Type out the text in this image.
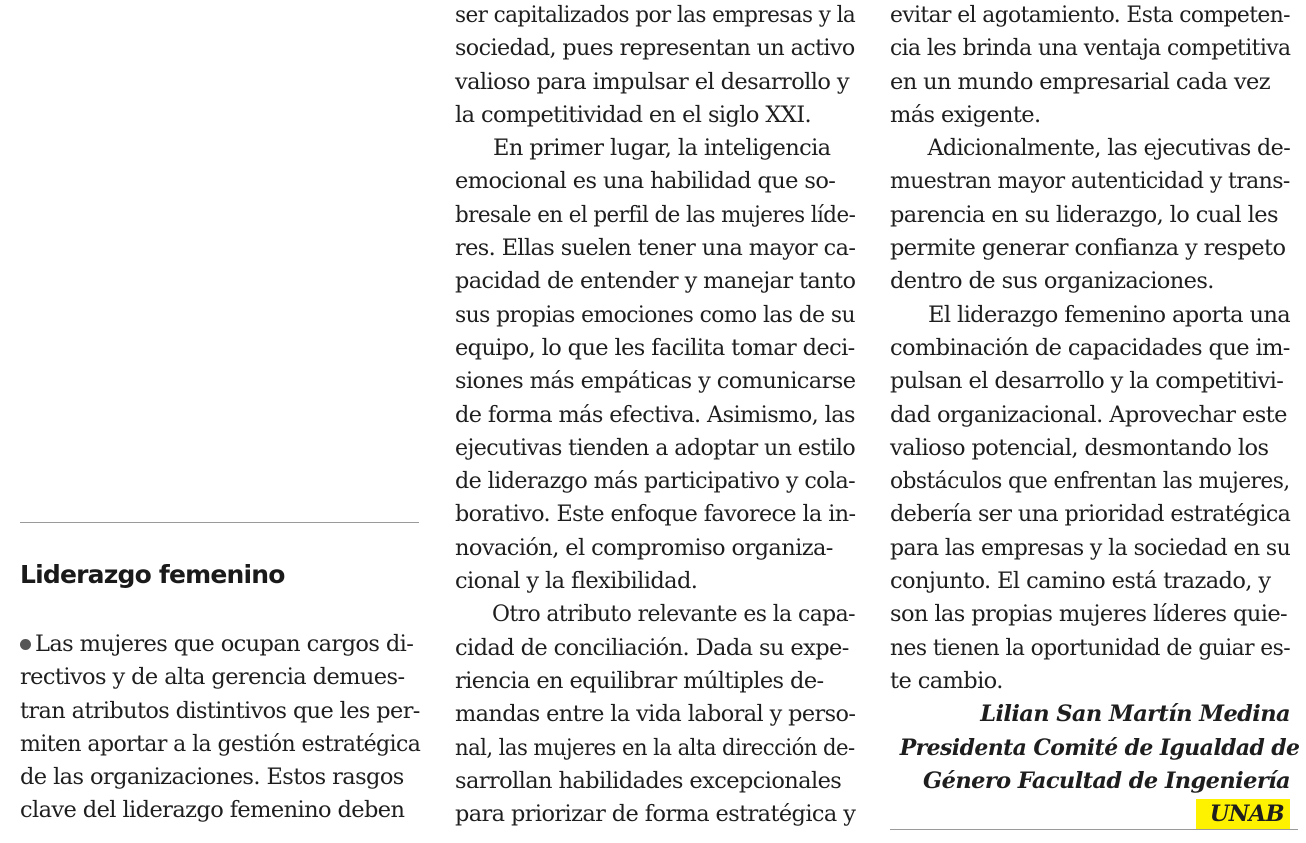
Liderazgo femenino
Las mujeres que ocupan cargos di-
rectivos y de alta gerencia demues-
tran atributos distintivos que les per-
miten aportar a la gestión estratégica
de las organizaciones. Estos rasgos
clave del liderazgo femenino deben
ser capitalizados por las empresas y la
sociedad, pues representan un activo
valioso para impulsar el desarrollo y
la competitividad en el siglo XXI.
En primer lugar, la inteligencia
emocional es una habilidad que so-
bresale en el perfil de las mujeres líde-
res. Ellas suelen tener una mayor ca-
pacidad de entender y manejar tanto
sus propias emociones como las de su
equipo, lo que les facilita tomar deci-
siones más empáticas y comunicarse
de forma más efectiva. Asimismo, las
ejecutivas tienden a adoptar un estilo
de liderazgo más participativo y cola-
borativo. Este enfoque favorece la in-
novación, el compromiso organiza-
cional y la flexibilidad.
Otro atributo relevante es la capa-
cidad de conciliación. Dada su expe-
riencia en equilibrar múltiples de-
mandas entre la vida laboral y perso-
nal, las mujeres en la alta dirección de-
sarrollan habilidades excepcionales
para priorizar de forma estratégica y
evitar el agotamiento. Esta competen-
cia les brinda una ventaja competitiva
en un mundo empresarial cada vez
más exigente.
Adicionalmente, las ejecutivas de-
muestran mayor autenticidad y trans-
parencia en su liderazgo, lo cual les
permite generar confianza y respeto
dentro de sus organizaciones.
El liderazgo femenino aporta una
combinación de capacidades que im-
pulsan el desarrollo y la competitivi-
dad organizacional. Aprovechar este
valioso potencial, desmontando los
obstáculos que enfrentan las mujeres,
debería ser una prioridad estratégica
para las empresas y la sociedad en su
conjunto. El camino está trazado, y
son las propias mujeres líderes quie-
nes tienen la oportunidad de guiar es-
te cambio.
Lilian San Martín Medina
Presidenta Comité de Igualdad de
Género Facultad de Ingeniería
UNAB
